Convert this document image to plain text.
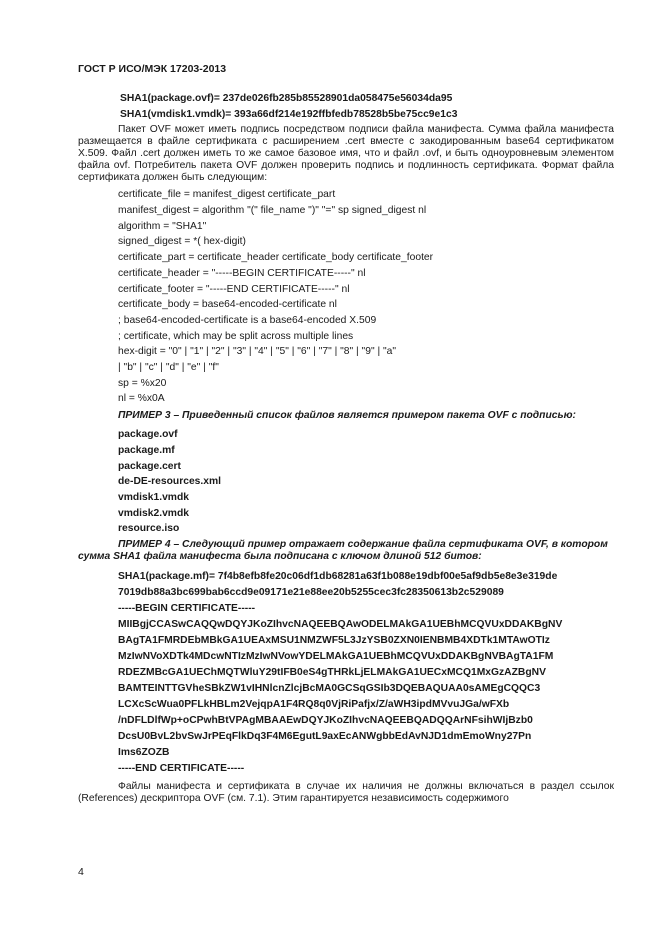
ГОСТ Р ИСО/МЭК 17203-2013
SHA1(package.ovf)= 237de026fb285b85528901da058475e56034da95
SHA1(vmdisk1.vmdk)= 393a66df214e192ffbfedb78528b5be75cc9e1c3
Пакет OVF может иметь подпись посредством подписи файла манифеста. Сумма файла манифеста размещается в файле сертификата с расширением .cert вместе с закодированным base64 сертификатом X.509. Файл .cert должен иметь то же самое базовое имя, что и файл .ovf, и быть одноуровневым элементом файла ovf. Потребитель пакета OVF должен проверить подпись и подлинность сертификата. Формат файла сертификата должен быть следующим:
certificate_file = manifest_digest certificate_part
manifest_digest = algorithm "(" file_name ")" "=" sp signed_digest nl
algorithm = "SHA1"
signed_digest = *( hex-digit)
certificate_part = certificate_header certificate_body certificate_footer
certificate_header = "-----BEGIN CERTIFICATE-----" nl
certificate_footer = "-----END CERTIFICATE-----" nl
certificate_body = base64-encoded-certificate nl
; base64-encoded-certificate is a base64-encoded X.509
; certificate, which may be split across multiple lines
hex-digit = "0" | "1" | "2" | "3" | "4" | "5" | "6" | "7" | "8" | "9" | "a"
| "b" | "c" | "d" | "e" | "f"
sp = %x20
nl = %x0A
ПРИМЕР 3 – Приведенный список файлов является примером пакета OVF с подписью:
package.ovf
package.mf
package.cert
de-DE-resources.xml
vmdisk1.vmdk
vmdisk2.vmdk
resource.iso
ПРИМЕР 4 – Следующий пример отражает содержание файла сертификата OVF, в котором сумма SHA1 файла манифеста была подписана с ключом длиной 512 битов:
SHA1(package.mf)= 7f4b8efb8fe20c06df1db68281a63f1b088e19dbf00e5af9db5e8e3e319de
7019db88a3bc699bab6ccd9e09171e21e88ee20b5255cec3fc28350613b2c529089
-----BEGIN CERTIFICATE-----
MIIBgjCCASwCAQQwDQYJKoZIhvcNAQEEBQAwODELMAkGA1UEBhMCQVUxDDAKBgNV
BAgTA1FMRDEbMBkGA1UEAxMSU1NMZWF5L3JzYSB0ZXN0IENBMB4XDTk1MTAwOTIz
MzIwNVoXDTk4MDcwNTIzMzIwNVowYDELMAkGA1UEBhMCQVUxDDAKBgNVBAgTA1FM
RDEZMBcGA1UEChMQTWluY29tIFB0eS4gTHRkLjELMAkGA1UECxMCQ1MxGzAZBgNV
BAMTEINTTGVheSBkZW1vIHNlcnZlcjBcMA0GCSqGSIb3DQEBAQUAA0sAMEgCQQC3
LCXcScWua0PFLkHBLm2VejqpA1F4RQ8q0VjRiPafjx/Z/aWH3ipdMVvuJGa/wFXb
/nDFLDlfWp+oCPwhBtVPAgMBAAEwDQYJKoZIhvcNAQEEBQADQQArNFsihWIjBzb0
DcsU0BvL2bvSwJrPEqFlkDq3F4M6EgutL9axEcANWgbbEdAvNJD1dmEmoWny27Pn
Ims6ZOZB
-----END CERTIFICATE-----
Файлы манифеста и сертификата в случае их наличия не должны включаться в раздел ссылок (References) дескриптора OVF (см. 7.1). Этим гарантируется независимость содержимого
4
